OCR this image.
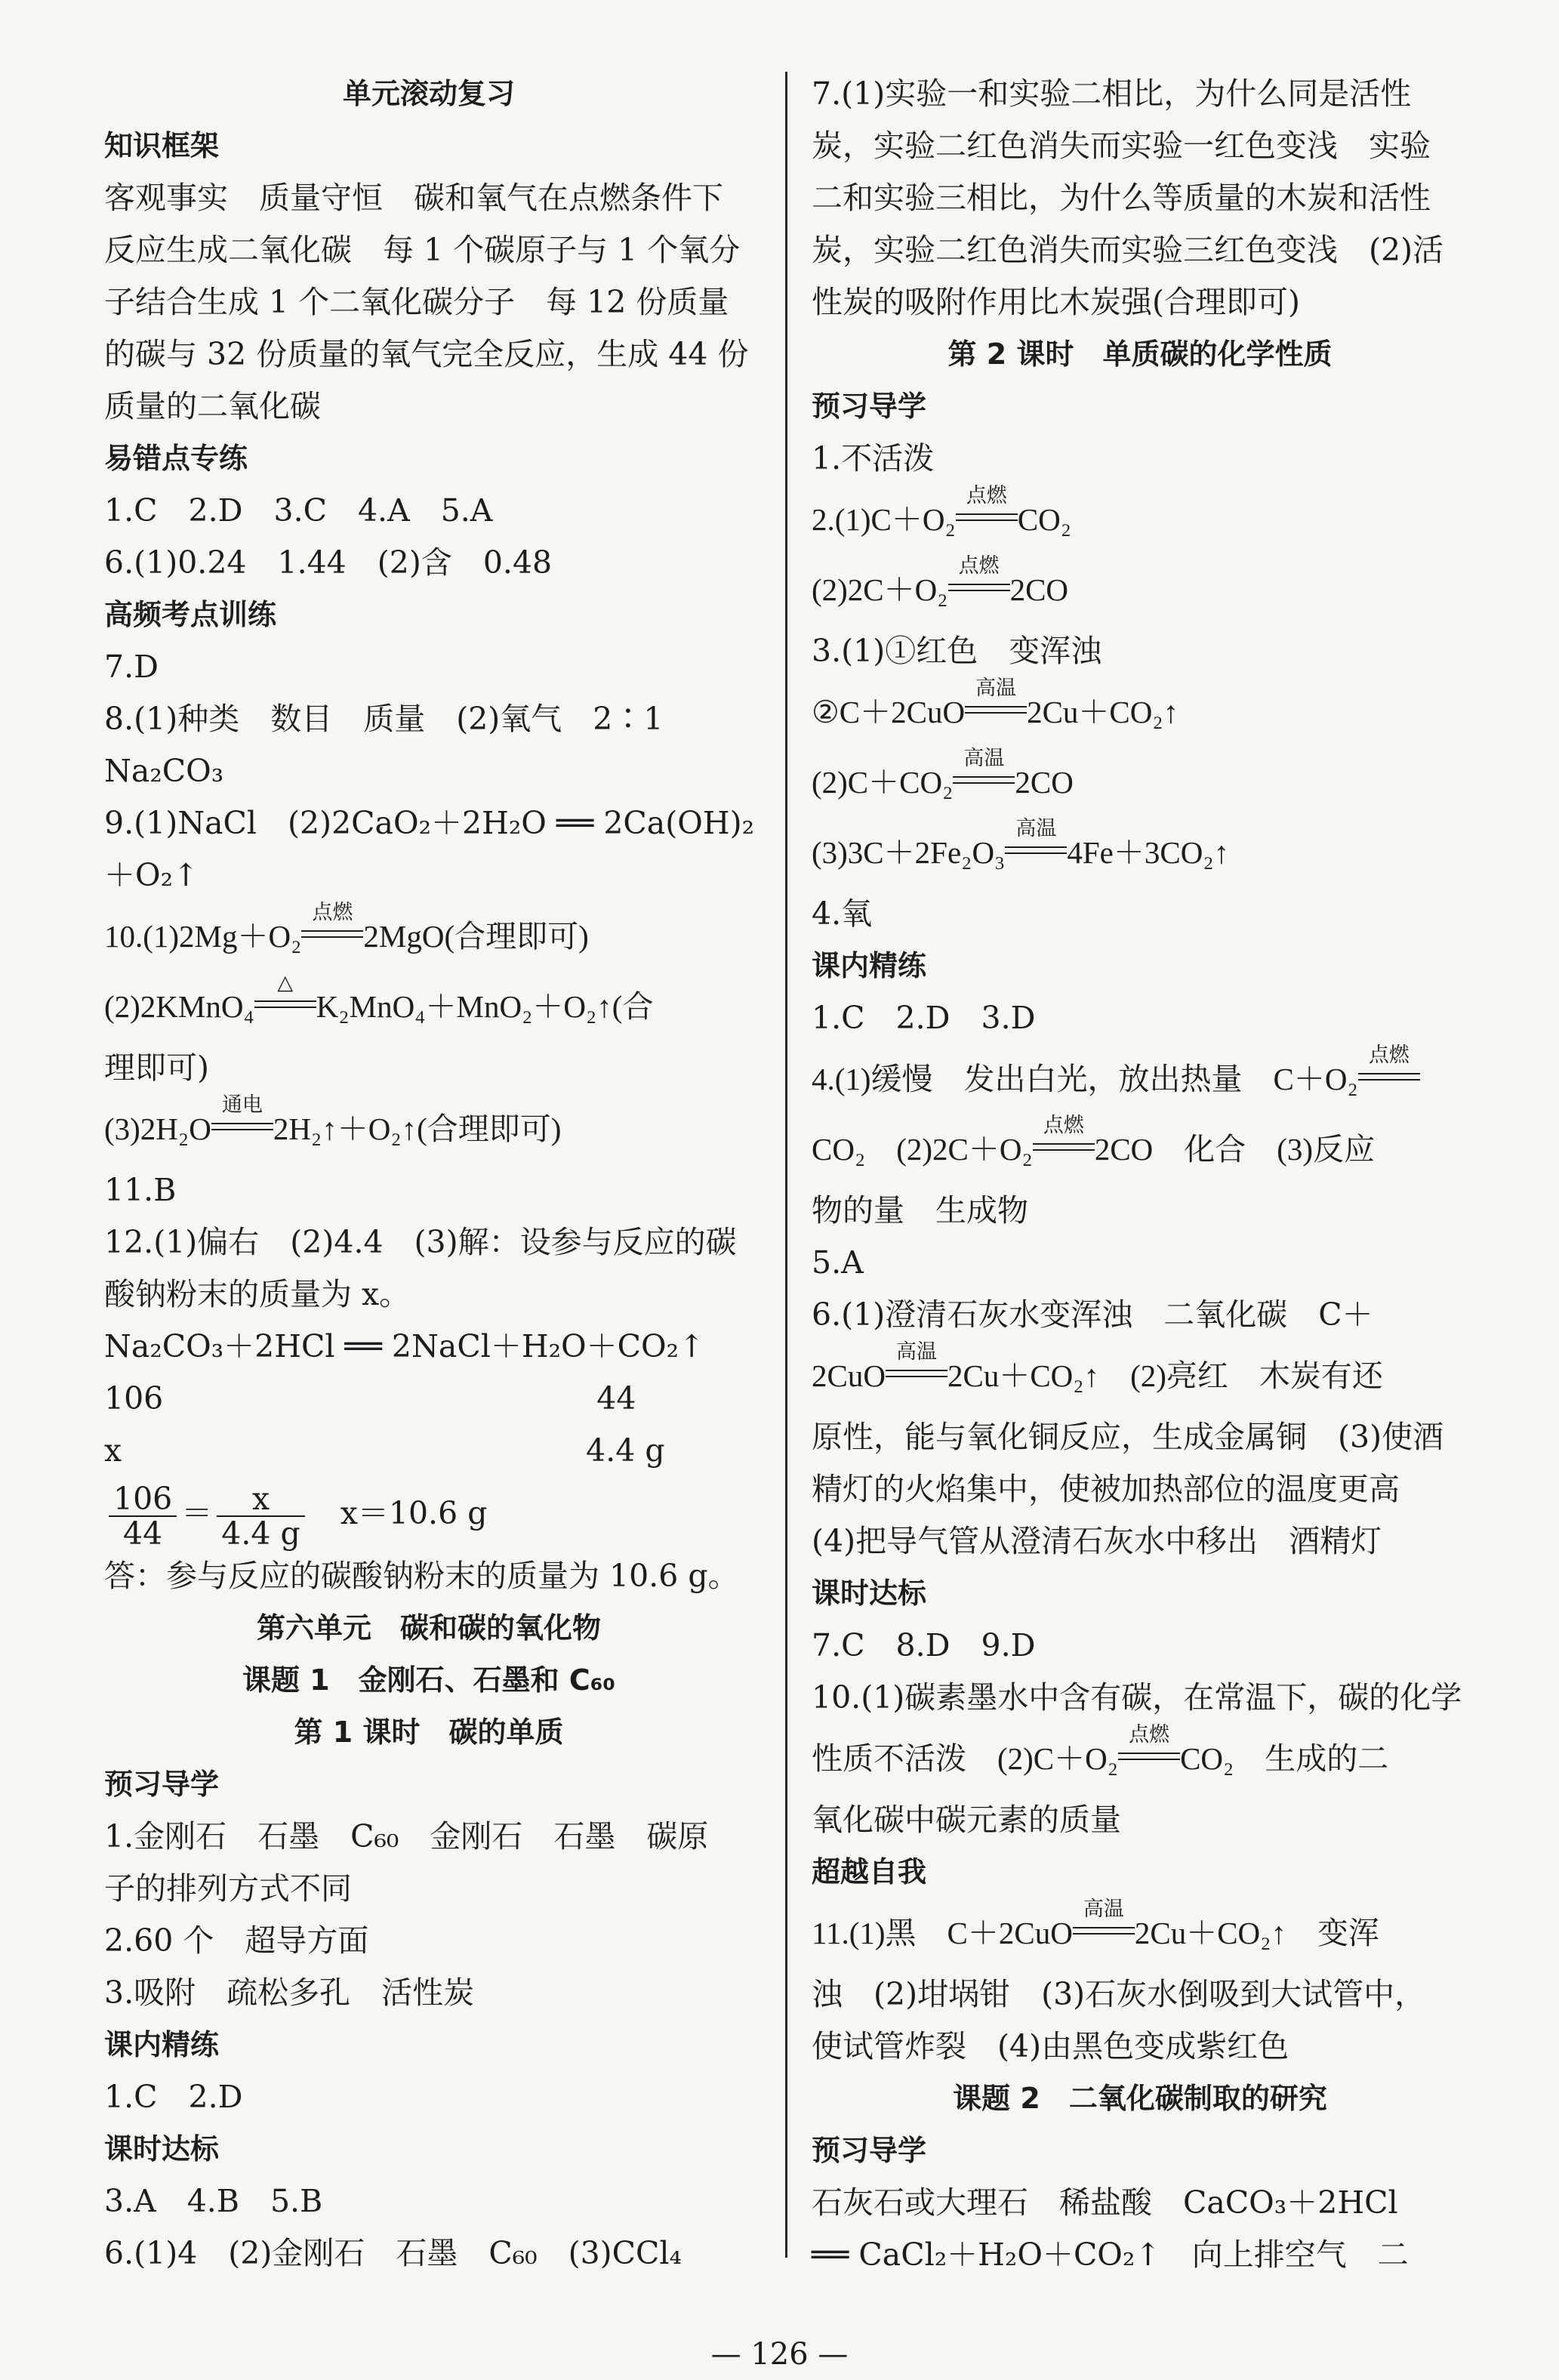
单元滚动复习
知识框架
客观事实　质量守恒　碳和氧气在点燃条件下
反应生成二氧化碳　每 1 个碳原子与 1 个氧分
子结合生成 1 个二氧化碳分子　每 12 份质量
的碳与 32 份质量的氧气完全反应，生成 44 份
质量的二氧化碳
易错点专练
1.C　2.D　3.C　4.A　5.A
6.(1)0.24　1.44　(2)含　0.48
高频考点训练
7.D
8.(1)种类　数目　质量　(2)氧气　2∶1
Na₂CO₃
9.(1)NaCl　(2)2CaO₂＋2H₂O ══ 2Ca(OH)₂
＋O₂↑
10.(1)2Mg＋O₂
点燃
2MgO(合理即可)
(2)2KMnO₄
△
K₂MnO₄＋MnO₂＋O₂↑(合
理即可)
(3)2H₂O
通电
2H₂↑＋O₂↑(合理即可)
11.B
12.(1)偏右　(2)4.4　(3)解：设参与反应的碳
酸钠粉末的质量为 x。
Na₂CO₃＋2HCl ══ 2NaCl＋H₂O＋CO₂↑
106　　　　　　　　　　　　　　44
x　　　　　　　　　　　　　　　4.4 g
$\frac{106}{44} = \frac{x}{4.4 g}$ 　x＝10.6 g
答：参与反应的碳酸钠粉末的质量为 10.6 g。
第六单元　碳和碳的氧化物
课题 1　金刚石、石墨和 C₆₀
第 1 课时　碳的单质
预习导学
1.金刚石　石墨　C₆₀　金刚石　石墨　碳原
子的排列方式不同
2.60 个　超导方面
3.吸附　疏松多孔　活性炭
课内精练
1.C　2.D
课时达标
3.A　4.B　5.B
6.(1)4　(2)金刚石　石墨　C₆₀　(3)CCl₄
7.(1)实验一和实验二相比，为什么同是活性
炭，实验二红色消失而实验一红色变浅　实验
二和实验三相比，为什么等质量的木炭和活性
炭，实验二红色消失而实验三红色变浅　(2)活
性炭的吸附作用比木炭强(合理即可)
第 2 课时　单质碳的化学性质
预习导学
1.不活泼
2.(1)C＋O₂
点燃
CO₂
(2)2C＋O₂
点燃
2CO
3.(1)①红色　变浑浊
②C＋2CuO
高温
2Cu＋CO₂↑
(2)C＋CO₂
高温
2CO
(3)3C＋2Fe₂O₃
高温
4Fe＋3CO₂↑
4.氧
课内精练
1.C　2.D　3.D
4.(1)缓慢　发出白光，放出热量　C＋O₂
点燃
CO₂　(2)2C＋O₂
点燃
2CO　化合　(3)反应
物的量　生成物
5.A
6.(1)澄清石灰水变浑浊　二氧化碳　C＋
2CuO
高温
2Cu＋CO₂↑　(2)亮红　木炭有还
原性，能与氧化铜反应，生成金属铜　(3)使酒
精灯的火焰集中，使被加热部位的温度更高
(4)把导气管从澄清石灰水中移出　酒精灯
课时达标
7.C　8.D　9.D
10.(1)碳素墨水中含有碳，在常温下，碳的化学
性质不活泼　(2)C＋O₂
点燃
CO₂　生成的二
氧化碳中碳元素的质量
超越自我
11.(1)黑　C＋2CuO
高温
2Cu＋CO₂↑　变浑
浊　(2)坩埚钳　(3)石灰水倒吸到大试管中，
使试管炸裂　(4)由黑色变成紫红色
课题 2　二氧化碳制取的研究
预习导学
石灰石或大理石　稀盐酸　CaCO₃＋2HCl
══ CaCl₂＋H₂O＋CO₂↑　向上排空气　二
— 126 —
